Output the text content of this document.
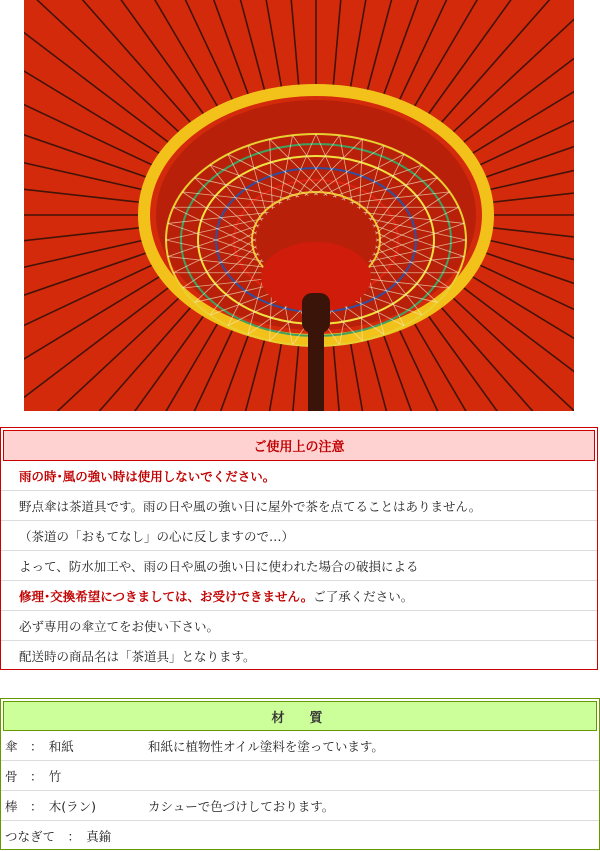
ご使用上の注意
雨の時･風の強い時は使用しないでください。
野点傘は茶道具です。雨の日や風の強い日に屋外で茶を点てることはありません。
（茶道の「おもてなし」の心に反しますので…）
よって、防水加工や、雨の日や風の強い日に使われた場合の破損による
修理･交換希望につきましては、お受けできません。 ご了承ください。
必ず専用の傘立てをお使い下さい。
配送時の商品名は「茶道具」となります。
材　質
傘　：　和紙	和紙に植物性オイル塗料を塗っています。
骨　：　竹
棒　：　木(ラン)	カシューで色づけしております。
つなぎて　：　真鍮
